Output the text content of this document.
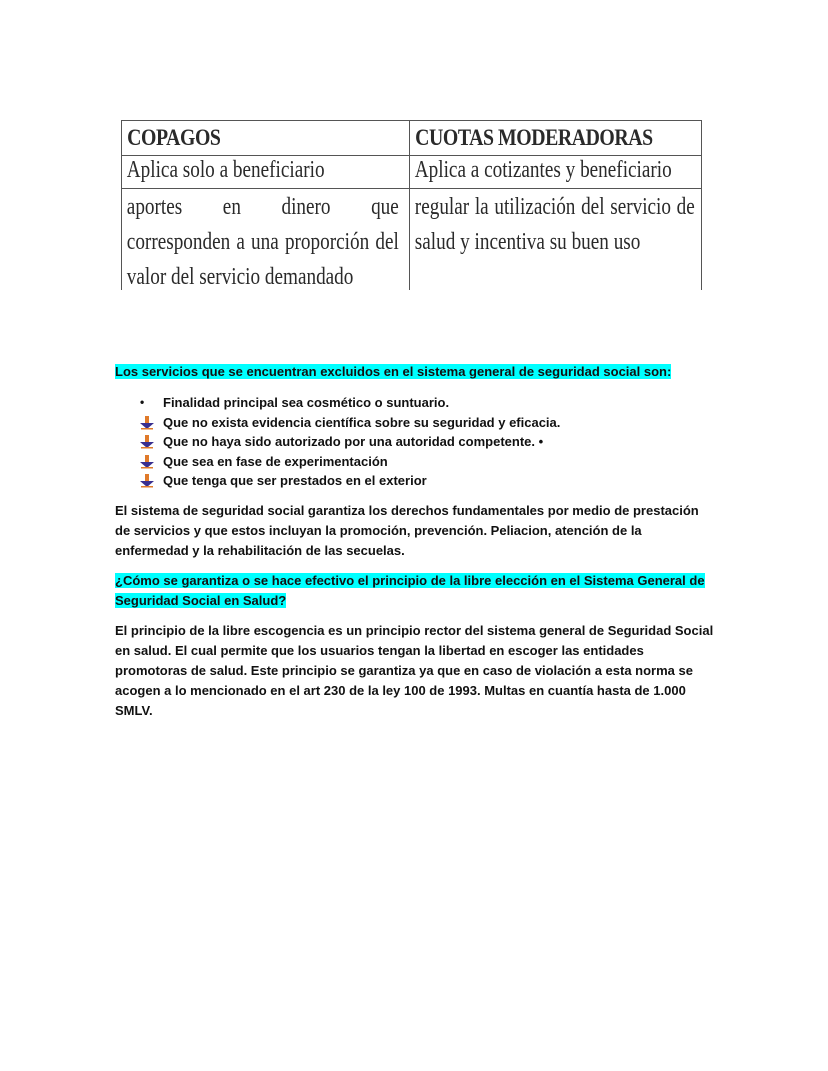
COPAGOS	CUOTAS MODERADORAS
Aplica solo a beneficiario	Aplica a cotizantes y beneficiario
aportes en dinero que corresponden a una proporción del valor del servicio demandado
regular la utilización del servicio de salud y incentiva su buen uso
Los servicios que se encuentran excluidos en el sistema general de seguridad social son:
• Finalidad principal sea cosmético o suntuario.
Que no exista evidencia científica sobre su seguridad y eficacia.
Que no haya sido autorizado por una autoridad competente. •
Que sea en fase de experimentación
Que tenga que ser prestados en el exterior
El sistema de seguridad social garantiza los derechos fundamentales por medio de prestación de servicios y que estos incluyan la promoción, prevención. Peliacion, atención de la enfermedad y la rehabilitación de las secuelas.
¿Cómo se garantiza o se hace efectivo el principio de la libre elección en el Sistema General de Seguridad Social en Salud?
El principio de la libre escogencia es un principio rector del sistema general de Seguridad Social en salud. El cual permite que los usuarios tengan la libertad en escoger las entidades promotoras de salud. Este principio se garantiza ya que en caso de violación a esta norma se acogen a lo mencionado en el art 230 de la ley 100 de 1993. Multas en cuantía hasta de 1.000 SMLV.
